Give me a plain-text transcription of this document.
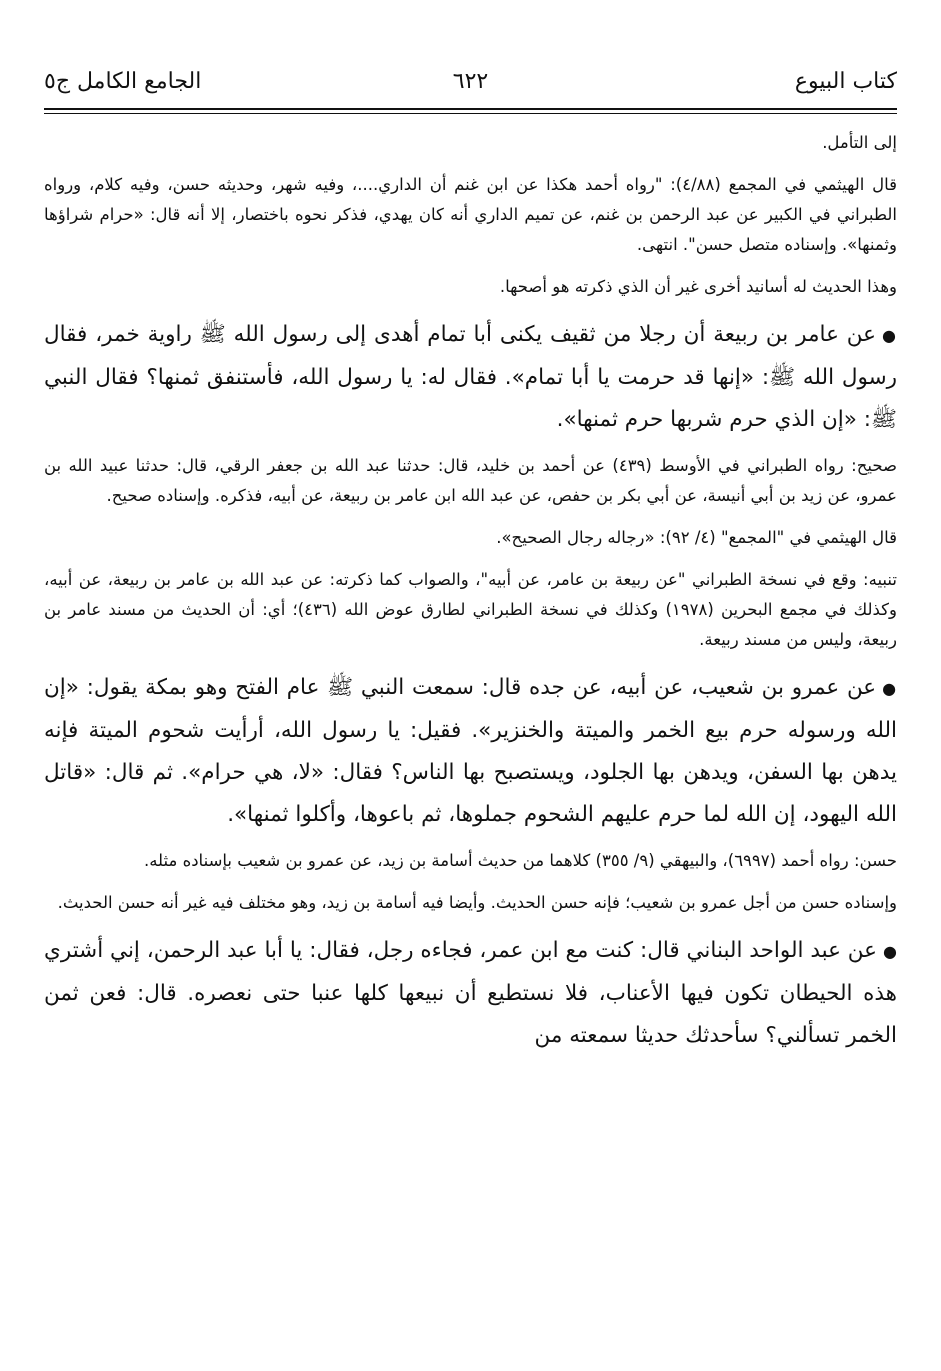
كتاب البيوع
٦٢٢
الجامع الكامل ج٥

إلى التأمل.

قال الهيثمي في المجمع (٤/٨٨): "رواه أحمد هكذا عن ابن غنم أن الداري....، وفيه شهر، وحديثه حسن، وفيه كلام، ورواه الطبراني في الكبير عن عبد الرحمن بن غنم، عن تميم الداري أنه كان يهدي، فذكر نحوه باختصار، إلا أنه قال: «حرام شراؤها وثمنها». وإسناده متصل حسن". انتهى.

وهذا الحديث له أسانيد أخرى غير أن الذي ذكرته هو أصحها.

●عن عامر بن ربيعة أن رجلا من ثقيف يكنى أبا تمام أهدى إلى رسول الله ﷺ راوية خمر، فقال رسول الله ﷺ: «إنها قد حرمت يا أبا تمام». فقال له: يا رسول الله، فأستنفق ثمنها؟ فقال النبي ﷺ: «إن الذي حرم شربها حرم ثمنها».

صحيح: رواه الطبراني في الأوسط (٤٣٩) عن أحمد بن خليد، قال: حدثنا عبد الله بن جعفر الرقي، قال: حدثنا عبيد الله بن عمرو، عن زيد بن أبي أنيسة، عن أبي بكر بن حفص، عن عبد الله ابن عامر بن ربيعة، عن أبيه، فذكره. وإسناده صحيح.

قال الهيثمي في "المجمع" (٤/ ٩٢): «رجاله رجال الصحيح».

تنبيه: وقع في نسخة الطبراني "عن ربيعة بن عامر، عن أبيه"، والصواب كما ذكرته: عن عبد الله بن عامر بن ربيعة، عن أبيه، وكذلك في مجمع البحرين (١٩٧٨) وكذلك في نسخة الطبراني لطارق عوض الله (٤٣٦)؛ أي: أن الحديث من مسند عامر بن ربيعة، وليس من مسند ربيعة.

●عن عمرو بن شعيب، عن أبيه، عن جده قال: سمعت النبي ﷺ عام الفتح وهو بمكة يقول: «إن الله ورسوله حرم بيع الخمر والميتة والخنزير». فقيل: يا رسول الله، أرأيت شحوم الميتة فإنه يدهن بها السفن، ويدهن بها الجلود، ويستصبح بها الناس؟ فقال: «لا، هي حرام». ثم قال: «قاتل الله اليهود، إن الله لما حرم عليهم الشحوم جملوها، ثم باعوها، وأكلوا ثمنها».

حسن: رواه أحمد (٦٩٩٧)، والبيهقي (٩/ ٣٥٥) كلاهما من حديث أسامة بن زيد، عن عمرو بن شعيب بإسناده مثله.

وإسناده حسن من أجل عمرو بن شعيب؛ فإنه حسن الحديث. وأيضا فيه أسامة بن زيد، وهو مختلف فيه غير أنه حسن الحديث.

●عن عبد الواحد البناني قال: كنت مع ابن عمر، فجاءه رجل، فقال: يا أبا عبد الرحمن، إني أشتري هذه الحيطان تكون فيها الأعناب، فلا نستطيع أن نبيعها كلها عنبا حتى نعصره. قال: فعن ثمن الخمر تسألني؟ سأحدثك حديثا سمعته من
